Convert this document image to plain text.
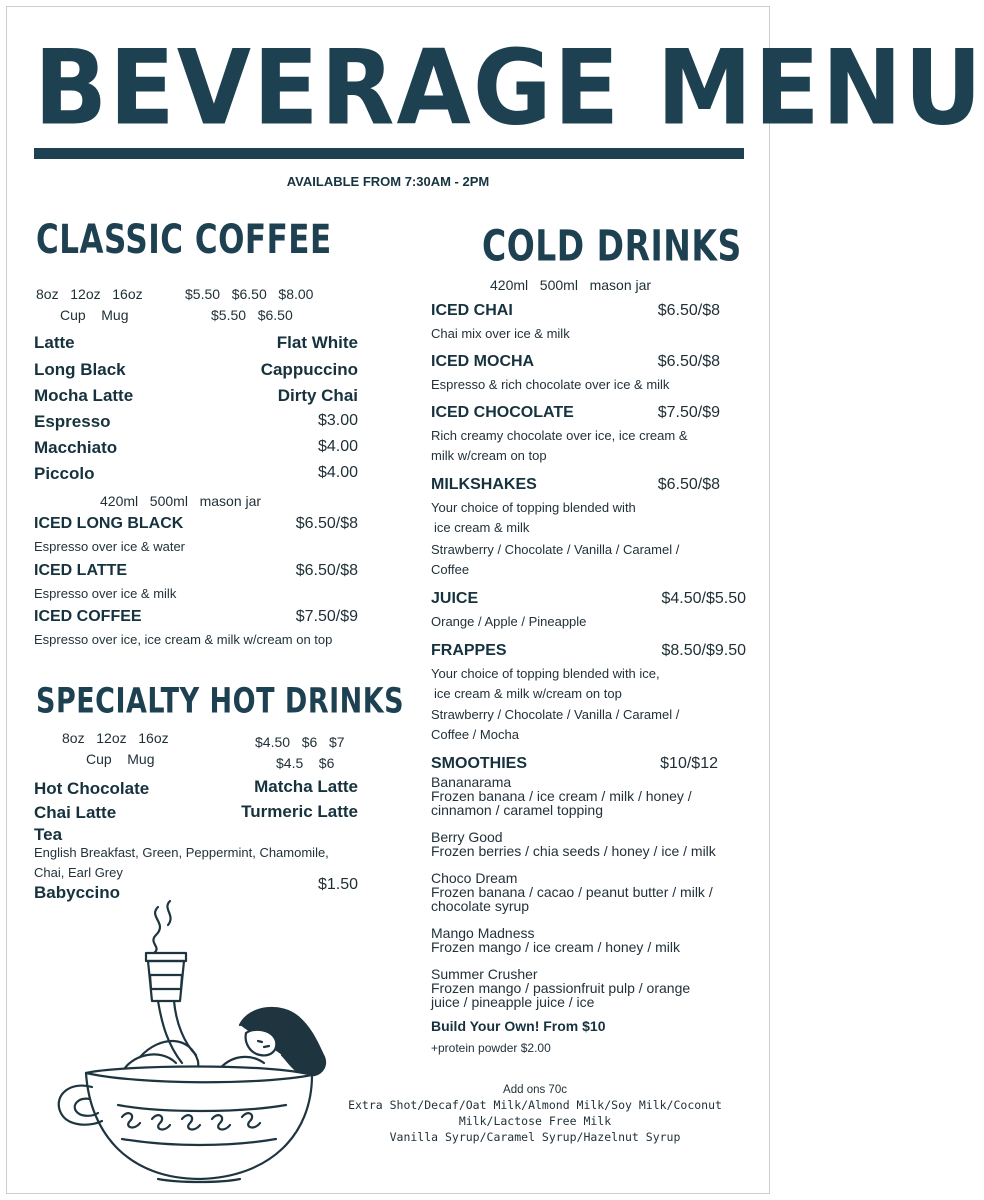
BEVERAGE MENU
AVAILABLE FROM 7:30AM - 2PM
CLASSIC COFFEE
8oz   12oz   16oz	$5.50   $6.50   $8.00
Cup    Mug	$5.50   $6.50
Latte	Flat White
Long Black	Cappuccino
Mocha Latte	Dirty Chai
Espresso	$3.00
Macchiato	$4.00
Piccolo	$4.00
420ml   500ml   mason jar
ICED LONG BLACK	$6.50/$8
Espresso over ice & water
ICED LATTE	$6.50/$8
Espresso over ice & milk
ICED COFFEE	$7.50/$9
Espresso over ice, ice cream & milk w/cream on top
SPECIALTY HOT DRINKS
8oz   12oz   16oz	$4.50   $6   $7
Cup    Mug	$4.5    $6
Hot Chocolate	Matcha Latte
Chai Latte	Turmeric Latte
Tea
English Breakfast, Green, Peppermint, Chamomile,
Chai, Earl Grey
Babyccino	$1.50
COLD DRINKS
420ml   500ml   mason jar
ICED CHAI	$6.50/$8
Chai mix over ice & milk
ICED MOCHA	$6.50/$8
Espresso & rich chocolate over ice & milk
ICED CHOCOLATE	$7.50/$9
Rich creamy chocolate over ice, ice cream &
milk w/cream on top
MILKSHAKES	$6.50/$8
Your choice of topping blended with
ice cream & milk
Strawberry / Chocolate / Vanilla / Caramel /
Coffee
JUICE	$4.50/$5.50
Orange / Apple / Pineapple
FRAPPES	$8.50/$9.50
Your choice of topping blended with ice,
ice cream & milk w/cream on top
Strawberry / Chocolate / Vanilla / Caramel /
Coffee / Mocha
SMOOTHIES	$10/$12
Bananarama
Frozen banana / ice cream / milk / honey /
cinnamon / caramel topping
Berry Good
Frozen berries / chia seeds / honey / ice / milk
Choco Dream
Frozen banana / cacao / peanut butter / milk /
chocolate syrup
Mango Madness
Frozen mango / ice cream / honey / milk
Summer Crusher
Frozen mango / passionfruit pulp / orange
juice / pineapple juice / ice
Build Your Own! From $10
+protein powder $2.00
Add ons 70c
Extra Shot/Decaf/Oat Milk/Almond Milk/Soy Milk/Coconut
Milk/Lactose Free Milk
Vanilla Syrup/Caramel Syrup/Hazelnut Syrup
